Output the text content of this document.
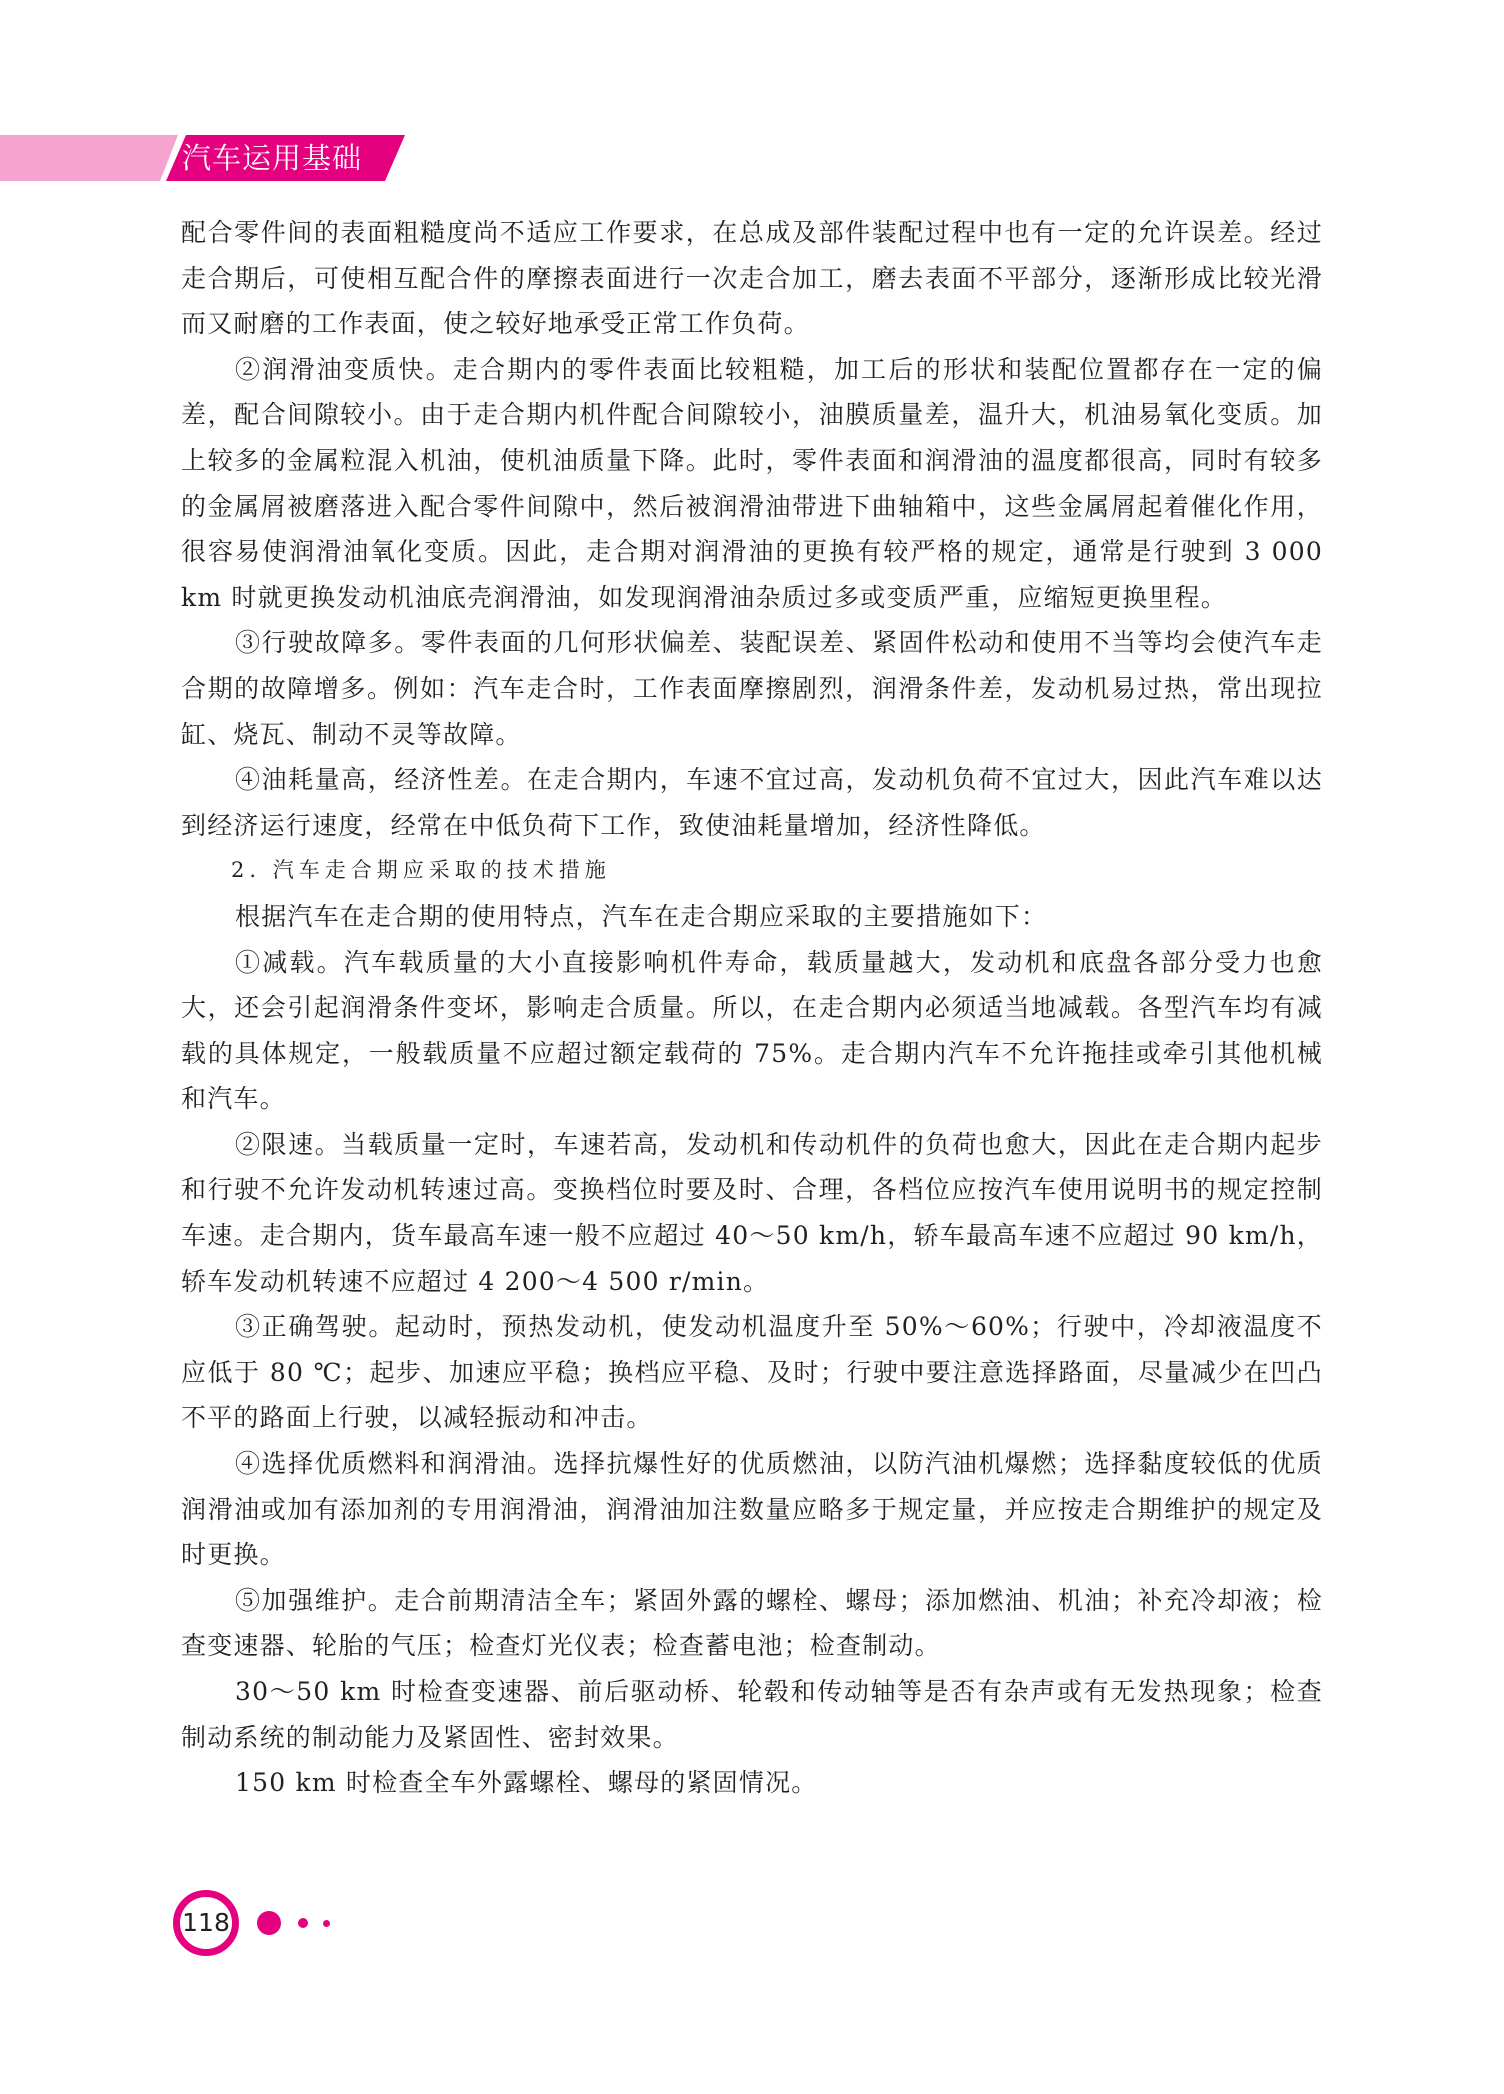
汽车运用基础

配合零件间的表面粗糙度尚不适应工作要求，在总成及部件装配过程中也有一定的允许误差。经过走合期后，可使相互配合件的摩擦表面进行一次走合加工，磨去表面不平部分，逐渐形成比较光滑而又耐磨的工作表面，使之较好地承受正常工作负荷。

②润滑油变质快。走合期内的零件表面比较粗糙，加工后的形状和装配位置都存在一定的偏差，配合间隙较小。由于走合期内机件配合间隙较小，油膜质量差，温升大，机油易氧化变质。加上较多的金属粒混入机油，使机油质量下降。此时，零件表面和润滑油的温度都很高，同时有较多的金属屑被磨落进入配合零件间隙中，然后被润滑油带进下曲轴箱中，这些金属屑起着催化作用，很容易使润滑油氧化变质。因此，走合期对润滑油的更换有较严格的规定，通常是行驶到 3 000 km 时就更换发动机油底壳润滑油，如发现润滑油杂质过多或变质严重，应缩短更换里程。

③行驶故障多。零件表面的几何形状偏差、装配误差、紧固件松动和使用不当等均会使汽车走合期的故障增多。例如：汽车走合时，工作表面摩擦剧烈，润滑条件差，发动机易过热，常出现拉缸、烧瓦、制动不灵等故障。

④油耗量高，经济性差。在走合期内，车速不宜过高，发动机负荷不宜过大，因此汽车难以达到经济运行速度，经常在中低负荷下工作，致使油耗量增加，经济性降低。

2. 汽车走合期应采取的技术措施

根据汽车在走合期的使用特点，汽车在走合期应采取的主要措施如下：

①减载。汽车载质量的大小直接影响机件寿命，载质量越大，发动机和底盘各部分受力也愈大，还会引起润滑条件变坏，影响走合质量。所以，在走合期内必须适当地减载。各型汽车均有减载的具体规定，一般载质量不应超过额定载荷的 75%。走合期内汽车不允许拖挂或牵引其他机械和汽车。

②限速。当载质量一定时，车速若高，发动机和传动机件的负荷也愈大，因此在走合期内起步和行驶不允许发动机转速过高。变换档位时要及时、合理，各档位应按汽车使用说明书的规定控制车速。走合期内，货车最高车速一般不应超过 40～50 km/h，轿车最高车速不应超过 90 km/h，轿车发动机转速不应超过 4 200～4 500 r/min。

③正确驾驶。起动时，预热发动机，使发动机温度升至 50%～60%；行驶中，冷却液温度不应低于 80 ℃；起步、加速应平稳；换档应平稳、及时；行驶中要注意选择路面，尽量减少在凹凸不平的路面上行驶，以减轻振动和冲击。

④选择优质燃料和润滑油。选择抗爆性好的优质燃油，以防汽油机爆燃；选择黏度较低的优质润滑油或加有添加剂的专用润滑油，润滑油加注数量应略多于规定量，并应按走合期维护的规定及时更换。

⑤加强维护。走合前期清洁全车；紧固外露的螺栓、螺母；添加燃油、机油；补充冷却液；检查变速器、轮胎的气压；检查灯光仪表；检查蓄电池；检查制动。

30～50 km 时检查变速器、前后驱动桥、轮毂和传动轴等是否有杂声或有无发热现象；检查制动系统的制动能力及紧固性、密封效果。

150 km 时检查全车外露螺栓、螺母的紧固情况。

118
